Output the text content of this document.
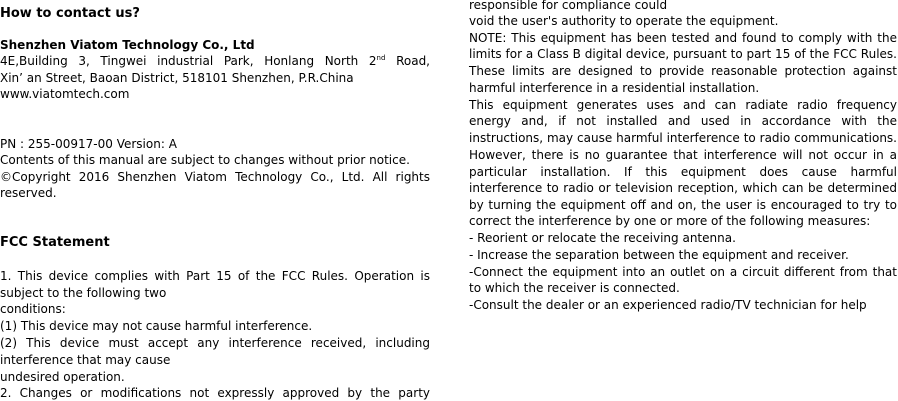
How to contact us?
Shenzhen Viatom Technology Co., Ltd
4E,Building 3, Tingwei industrial Park, Honlang North 2nd Road,
Xin’ an Street, Baoan District, 518101 Shenzhen, P.R.China
www.viatomtech.com
PN : 255-00917-00 Version: A
Contents of this manual are subject to changes without prior notice.
©Copyright 2016 Shenzhen Viatom Technology Co., Ltd. All rights
reserved.
FCC Statement
1. This device complies with Part 15 of the FCC Rules. Operation is
subject to the following two
conditions:
(1) This device may not cause harmful interference.
(2) This device must accept any interference received, including
interference that may cause
undesired operation.
2. Changes or modifications not expressly approved by the party
responsible for compliance could
void the user's authority to operate the equipment.
NOTE: This equipment has been tested and found to comply with the
limits for a Class B digital device, pursuant to part 15 of the FCC Rules.
These limits are designed to provide reasonable protection against
harmful interference in a residential installation.
This equipment generates uses and can radiate radio frequency
energy and, if not installed and used in accordance with the
instructions, may cause harmful interference to radio communications.
However, there is no guarantee that interference will not occur in a
particular installation. If this equipment does cause harmful
interference to radio or television reception, which can be determined
by turning the equipment off and on, the user is encouraged to try to
correct the interference by one or more of the following measures:
- Reorient or relocate the receiving antenna.
- Increase the separation between the equipment and receiver.
-Connect the equipment into an outlet on a circuit different from that
to which the receiver is connected.
-Consult the dealer or an experienced radio/TV technician for help
